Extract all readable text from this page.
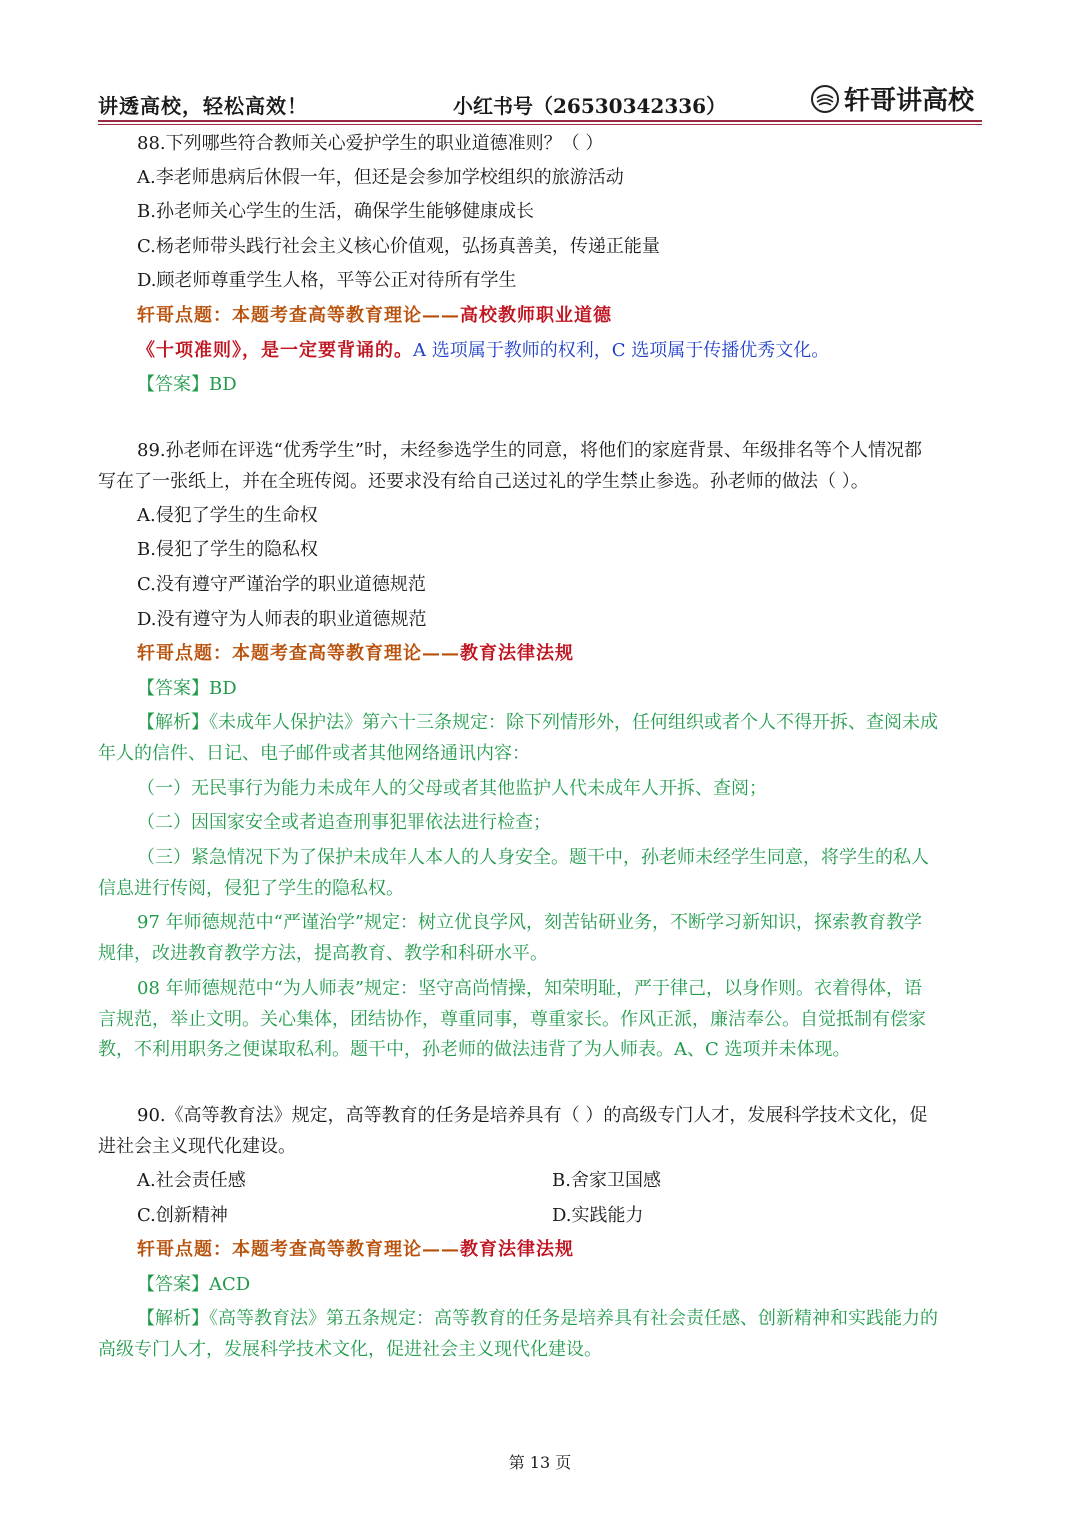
讲透高校，轻松高效！	小红书号（26530342336）	轩哥讲高校
88.下列哪些符合教师关心爱护学生的职业道德准则？（ ）
A.李老师患病后休假一年，但还是会参加学校组织的旅游活动
B.孙老师关心学生的生活，确保学生能够健康成长
C.杨老师带头践行社会主义核心价值观，弘扬真善美，传递正能量
D.顾老师尊重学生人格，平等公正对待所有学生
轩哥点题：本题考查高等教育理论——高校教师职业道德
《十项准则》，是一定要背诵的。A 选项属于教师的权利，C 选项属于传播优秀文化。
【答案】BD
89.孙老师在评选“优秀学生”时，未经参选学生的同意，将他们的家庭背景、年级排名等个人情况都
写在了一张纸上，并在全班传阅。还要求没有给自己送过礼的学生禁止参选。孙老师的做法（ ）。
A.侵犯了学生的生命权
B.侵犯了学生的隐私权
C.没有遵守严谨治学的职业道德规范
D.没有遵守为人师表的职业道德规范
轩哥点题：本题考查高等教育理论——教育法律法规
【答案】BD
【解析】《未成年人保护法》第六十三条规定：除下列情形外，任何组织或者个人不得开拆、查阅未成
年人的信件、日记、电子邮件或者其他网络通讯内容：
（一）无民事行为能力未成年人的父母或者其他监护人代未成年人开拆、查阅；
（二）因国家安全或者追查刑事犯罪依法进行检查；
（三）紧急情况下为了保护未成年人本人的人身安全。题干中，孙老师未经学生同意，将学生的私人
信息进行传阅，侵犯了学生的隐私权。
97 年师德规范中“严谨治学”规定：树立优良学风，刻苦钻研业务，不断学习新知识，探索教育教学
规律，改进教育教学方法，提高教育、教学和科研水平。
08 年师德规范中“为人师表”规定：坚守高尚情操，知荣明耻，严于律己，以身作则。衣着得体，语
言规范，举止文明。关心集体，团结协作，尊重同事，尊重家长。作风正派，廉洁奉公。自觉抵制有偿家
教，不利用职务之便谋取私利。题干中，孙老师的做法违背了为人师表。A、C 选项并未体现。
90.《高等教育法》规定，高等教育的任务是培养具有（ ）的高级专门人才，发展科学技术文化，促
进社会主义现代化建设。
A.社会责任感	B.舍家卫国感
C.创新精神	D.实践能力
轩哥点题：本题考查高等教育理论——教育法律法规
【答案】ACD
【解析】《高等教育法》第五条规定：高等教育的任务是培养具有社会责任感、创新精神和实践能力的
高级专门人才，发展科学技术文化，促进社会主义现代化建设。
第 13 页
